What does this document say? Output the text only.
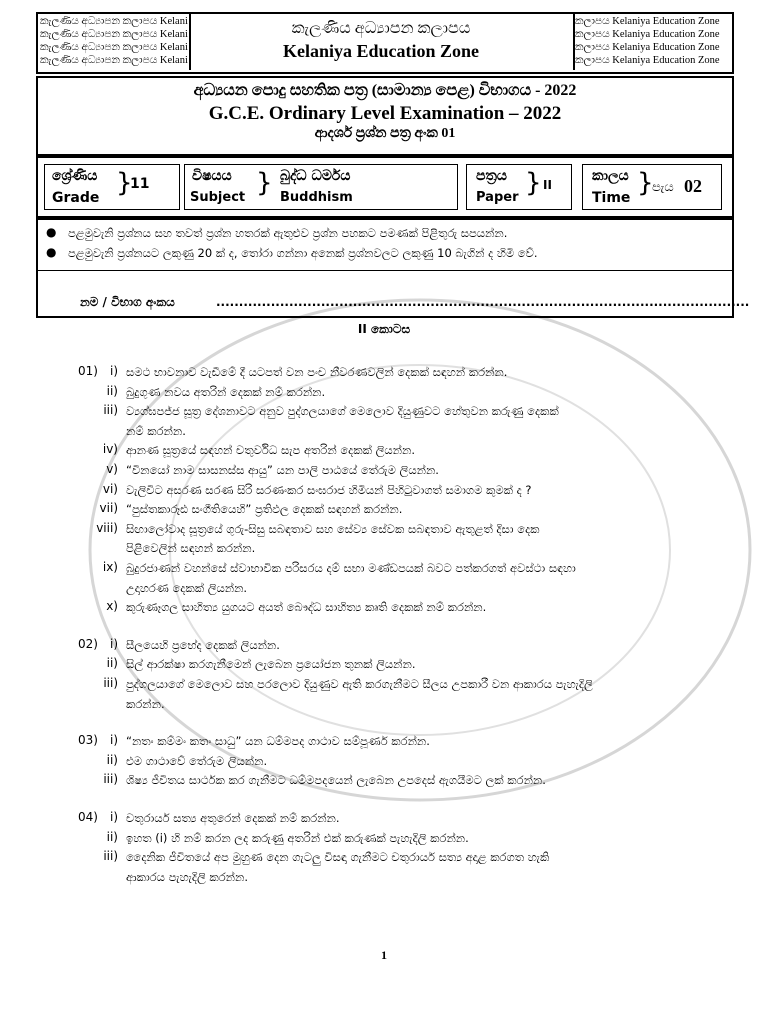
කැලණිය අධ්‍යාපන කලාපය Kelani
කැලණිය අධ්‍යාපන කලාපය Kelani
කැලණිය අධ්‍යාපන කලාපය Kelani
කැලණිය අධ්‍යාපන කලාපය Kelani
කැලණිය අධ්‍යාපන කලාපය
Kelaniya Education Zone
කලාපය Kelaniya Education Zone
කලාපය Kelaniya Education Zone
කලාපය Kelaniya Education Zone
කලාපය Kelaniya Education Zone
අධ්‍යයන පොදු සහතික පත්‍ර (සාමාන්‍ය පෙළ) විභාගය - 2022
G.C.E. Ordinary Level Examination – 2022
ආදර්ශ ප්‍රශ්න පත්‍ර අංක 01
ශ්‍රේණිය
Grade }
11	විෂයය
Subject } බුද්ධ ධර්මය
Buddhism
පත්‍රය
Paper } II
කාලය
Time }
පැය 02
● පළමුවැනි ප්‍රශ්නය සහ තවත් ප්‍රශ්න හතරක් ඇතුළුව ප්‍රශ්න පහකට පමණක් පිළිතුරු සපයන්න.
● පළමුවැනි ප්‍රශ්නයට ලකුණු 20 ක් ද, තෝරා ගන්නා අනෙක් ප්‍රශ්නවලට ලකුණු 10 බැගින් ද හිමි වේ.
නම / විභාග අංකය	.....................................................................................................................
II කොටස
01)	i) සමථ භාවනාව වැඩීමේ දී යටපත් වන පංච නීවරණවලින් දෙකක් සඳහන් කරන්න.
ii) බුදුගුණ නවය අතරින් දෙකක් නම් කරන්න.
iii) ව්‍යග්ඝපජ්ජ සූත්‍ර දේශනාවට අනුව පුද්ගලයාගේ මෙලොව දියුණුවට හේතුවන කරුණු දෙකක්
නම් කරන්න.
iv) ආනණ සූත්‍රයේ සඳහන් චතුර්විධ සැප අතරින් දෙකක් ලියන්න.
v) “විනයෝ නාම සාසනස්ස ආයු” යන පාලි පාඨයේ තේරුම ලියන්න.
vi) වැලිවිට අසරණ සරණ සිරි සරණංකර සංඝරාජ හිමියන් පිහිටුවාගත් සමාගම කුමක් ද ?
vii) “පුස්තකාරූඪ සංගීතියෙහි” ප්‍රතිඵල දෙකක් සඳහන් කරන්න.
viii) සිඟාලෝවාද සූත්‍රයේ ගුරු-සිසු සබඳතාව සහ සේව්‍ය සේවක සබඳතාව ඇතුළත් දිසා දෙක
පිළිවෙලින් සඳහන් කරන්න.
ix) බුදුරජාණන් වහන්සේ ස්වාභාවික පරිසරය දම් සභා මණ්ඩපයක් බවට පත්කරගත් අවස්ථා සඳහා
උදාහරණ දෙකක් ලියන්න.
x) කුරුණෑගල සාහිත්‍ය යුගයට අයත් බෞද්ධ සාහිත්‍ය කෘති දෙකක් නම් කරන්න.
02)	i) සීලයෙහි ප්‍රභේද දෙකක් ලියන්න.
ii) සිල් ආරක්ෂා කරගැනීමෙන් ලැබෙන ප්‍රයෝජන තුනක් ලියන්න.
iii) පුද්ගලයාගේ මෙලොව සහ පරලොව දියුණුව ඇති කරගැනීමට සීලය උපකාරී වන ආකාරය පැහැදිලි
කරන්න.
03)	i) “නතං කම්මං කතං සාධු” යන ධම්මපද ගාථාව සම්පූර්ණ කරන්න.
ii) එම ගාථාවේ තේරුම ලියන්න.
iii) ශිෂ්‍ය ජීවිතය සාර්ථක කර ගැනීමට ධම්මපදයෙන් ලැබෙන උපදෙස් ඇගයීමට ලක් කරන්න.
04)	i) චතුරාර්ය සත්‍ය අතුරෙන් දෙකක් නම් කරන්න.
ii) ඉහත (i) හි නම් කරන ලද කරුණු අතරින් එක් කරුණක් පැහැදිලි කරන්න.
iii) දෛනික ජීවිතයේ අප මුහුණ දෙන ගැටලු විසඳා ගැනීමට චතුරාර්ය සත්‍ය අදාළ කරගත හැකි
ආකාරය පැහැදිලි කරන්න.
1
